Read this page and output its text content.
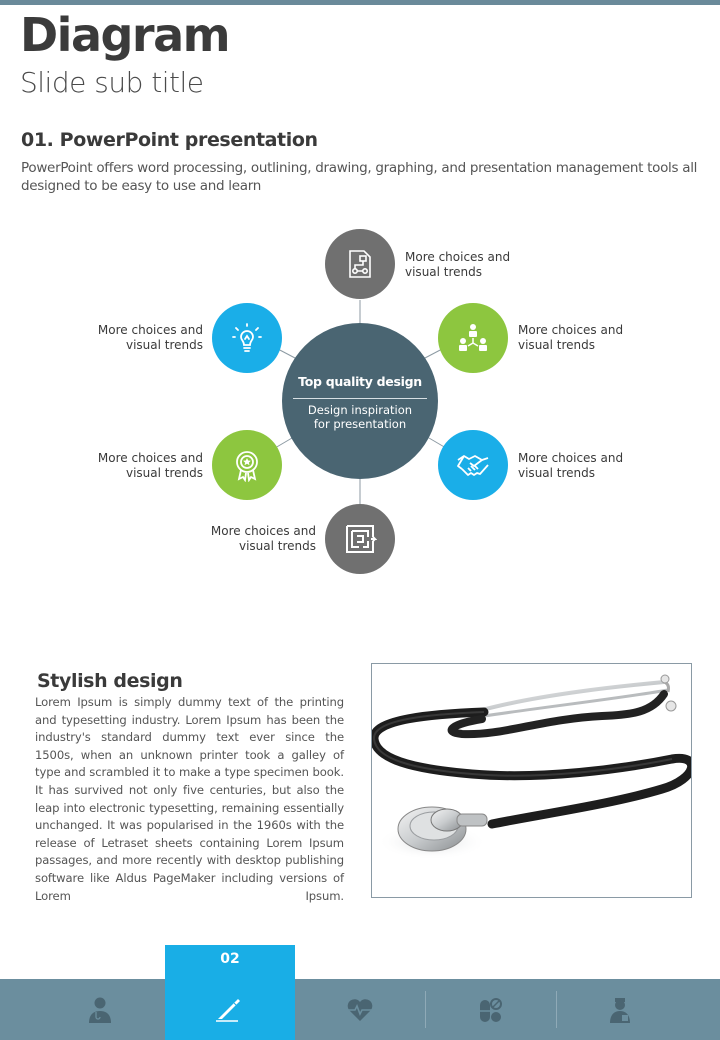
Diagram
Slide sub title
01. PowerPoint presentation
PowerPoint offers word processing, outlining, drawing, graphing, and presentation management tools all designed to be easy to use and learn
Top quality design
Design inspiration for presentation
More choices and visual trends
More choices and visual trends
More choices and visual trends
More choices and visual trends
More choices and visual trends
More choices and visual trends
Stylish design
Lorem Ipsum is simply dummy text of the printing and typesetting industry. Lorem Ipsum has been the industry's standard dummy text ever since the 1500s, when an unknown printer took a galley of type and scrambled it to make a type specimen book. It has survived not only five centuries, but also the leap into electronic typesetting, remaining essentially unchanged. It was popularised in the 1960s with the release of Letraset sheets containing Lorem Ipsum passages, and more recently with desktop publishing software like Aldus PageMaker including versions of Lorem Ipsum.
02
